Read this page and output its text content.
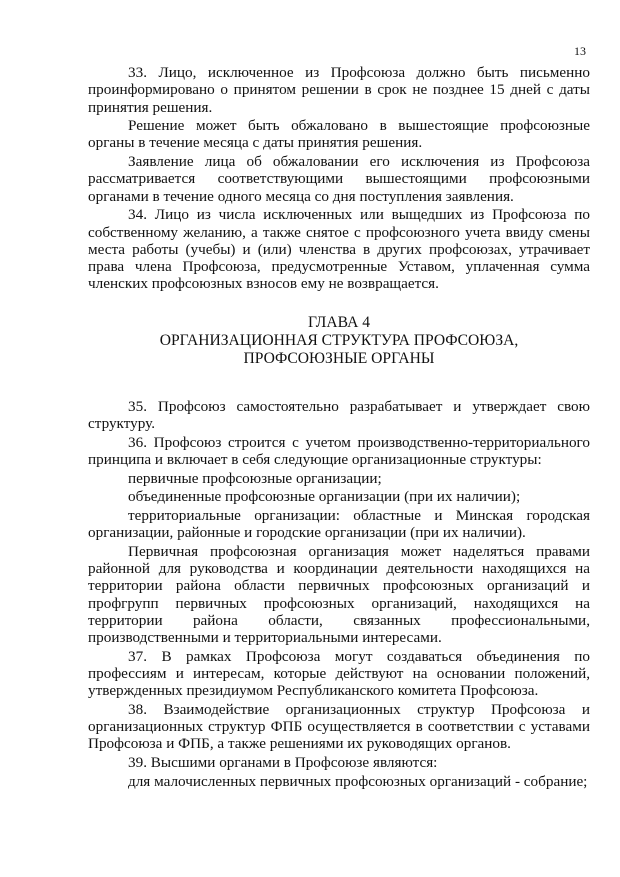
13

33. Лицо, исключенное из Профсоюза должно быть письменно проинформировано о принятом решении в срок не позднее 15 дней с даты принятия решения.

Решение может быть обжаловано в вышестоящие профсоюзные органы в течение месяца с даты принятия решения.

Заявление лица об обжаловании его исключения из Профсоюза рассматривается соответствующими вышестоящими профсоюзными органами в течение одного месяца со дня поступления заявления.

34. Лицо из числа исключенных или выщедших из Профсоюза по собственному желанию, а также снятое с профсоюзного учета ввиду смены места работы (учебы) и (или) членства в других профсоюзах, утрачивает права члена Профсоюза, предусмотренные Уставом, уплаченная сумма членских профсоюзных взносов ему не возвращается.

ГЛАВА 4
ОРГАНИЗАЦИОННАЯ СТРУКТУРА ПРОФСОЮЗА,
ПРОФСОЮЗНЫЕ ОРГАНЫ

35. Профсоюз самостоятельно разрабатывает и утверждает свою структуру.

36. Профсоюз строится с учетом производственно-территориального принципа и включает в себя следующие организационные структуры:

первичные профсоюзные организации;

объединенные профсоюзные организации (при их наличии);

территориальные организации: областные и Минская городская организации, районные и городские организации (при их наличии).

Первичная профсоюзная организация может наделяться правами районной для руководства и координации деятельности находящихся на территории района области первичных профсоюзных организаций и профгрупп первичных профсоюзных организаций, находящихся на территории района области, связанных профессиональными, производственными и территориальными интересами.

37. В рамках Профсоюза могут создаваться объединения по профессиям и интересам, которые действуют на основании положений, утвержденных президиумом Республиканского комитета Профсоюза.

38. Взаимодействие организационных структур Профсоюза и организационных структур ФПБ осуществляется в соответствии с уставами Профсоюза и ФПБ, а также решениями их руководящих органов.

39. Высшими органами в Профсоюзе являются:

для малочисленных первичных профсоюзных организаций - собрание;
